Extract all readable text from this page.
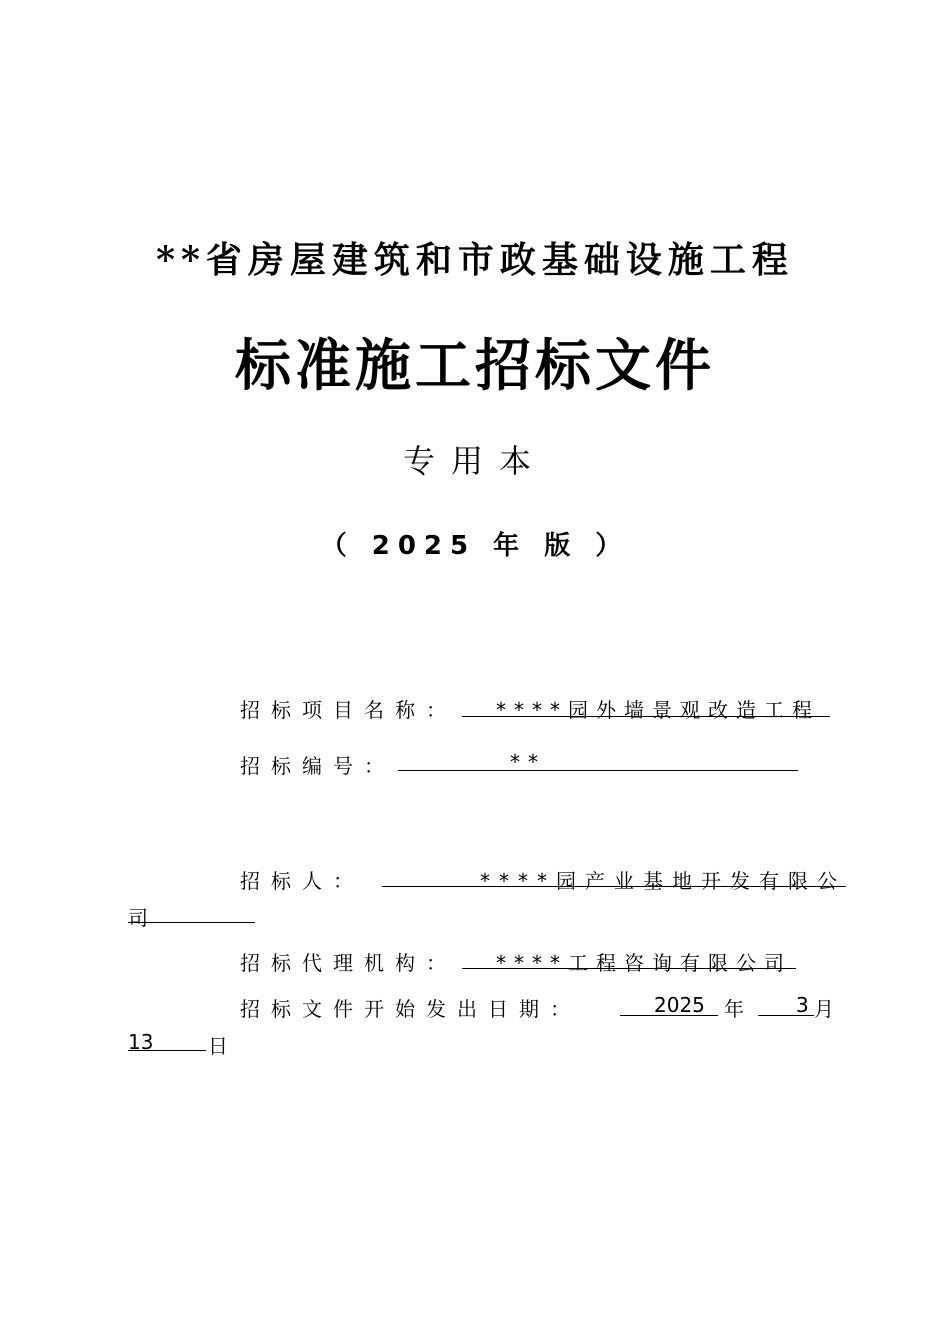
**省房屋建筑和市政基础设施工程
标准施工招标文件
专用本
（ 2025 年 版 ）
招标项目名称： ****园外墙景观改造工程
招标编号：	**
招标人：	****园产业基地开发有限公
司
招标代理机构： ****工程咨询有限公司
招标文件开始发出日期：	2025 年	3 月
13	日
